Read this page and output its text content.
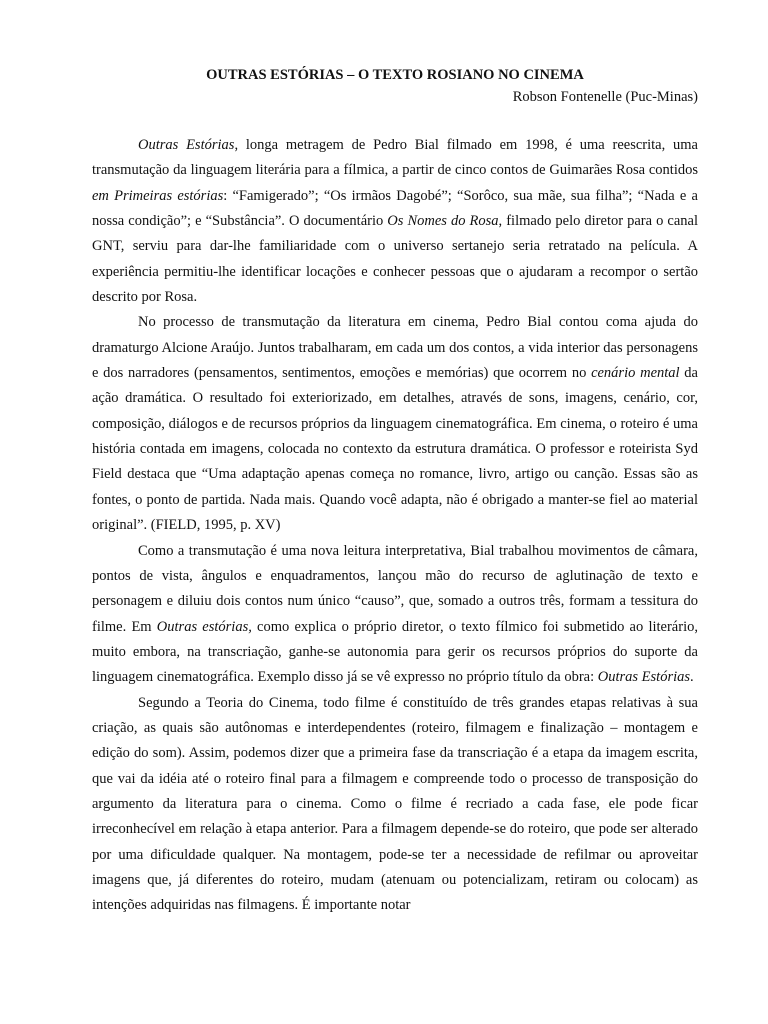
OUTRAS ESTÓRIAS – O TEXTO ROSIANO NO CINEMA

Robson Fontenelle (Puc-Minas)

Outras Estórias, longa metragem de Pedro Bial filmado em 1998, é uma reescrita, uma transmutação da linguagem literária para a fílmica, a partir de cinco contos de Guimarães Rosa contidos em Primeiras estórias: “Famigerado”; “Os irmãos Dagobé”; “Sorôco, sua mãe, sua filha”; “Nada e a nossa condição”; e “Substância”. O documentário Os Nomes do Rosa, filmado pelo diretor para o canal GNT, serviu para dar-lhe familiaridade com o universo sertanejo seria retratado na película. A experiência permitiu-lhe identificar locações e conhecer pessoas que o ajudaram a recompor o sertão descrito por Rosa.

No processo de transmutação da literatura em cinema, Pedro Bial contou coma ajuda do dramaturgo Alcione Araújo. Juntos trabalharam, em cada um dos contos, a vida interior das personagens e dos narradores (pensamentos, sentimentos, emoções e memórias) que ocorrem no cenário mental da ação dramática. O resultado foi exteriorizado, em detalhes, através de sons, imagens, cenário, cor, composição, diálogos e de recursos próprios da linguagem cinematográfica. Em cinema, o roteiro é uma história contada em imagens, colocada no contexto da estrutura dramática. O professor e roteirista Syd Field destaca que “Uma adaptação apenas começa no romance, livro, artigo ou canção. Essas são as fontes, o ponto de partida. Nada mais. Quando você adapta, não é obrigado a manter-se fiel ao material original”. (FIELD, 1995, p. XV)

Como a transmutação é uma nova leitura interpretativa, Bial trabalhou movimentos de câmara, pontos de vista, ângulos e enquadramentos, lançou mão do recurso de aglutinação de texto e personagem e diluiu dois contos num único “causo”, que, somado a outros três, formam a tessitura do filme. Em Outras estórias, como explica o próprio diretor, o texto fílmico foi submetido ao literário, muito embora, na transcriação, ganhe-se autonomia para gerir os recursos próprios do suporte da linguagem cinematográfica. Exemplo disso já se vê expresso no próprio título da obra: Outras Estórias.

Segundo a Teoria do Cinema, todo filme é constituído de três grandes etapas relativas à sua criação, as quais são autônomas e interdependentes (roteiro, filmagem e finalização – montagem e edição do som). Assim, podemos dizer que a primeira fase da transcriação é a etapa da imagem escrita, que vai da idéia até o roteiro final para a filmagem e compreende todo o processo de transposição do argumento da literatura para o cinema. Como o filme é recriado a cada fase, ele pode ficar irreconhecível em relação à etapa anterior. Para a filmagem depende-se do roteiro, que pode ser alterado por uma dificuldade qualquer. Na montagem, pode-se ter a necessidade de refilmar ou aproveitar imagens que, já diferentes do roteiro, mudam (atenuam ou potencializam, retiram ou colocam) as intenções adquiridas nas filmagens. É importante notar
